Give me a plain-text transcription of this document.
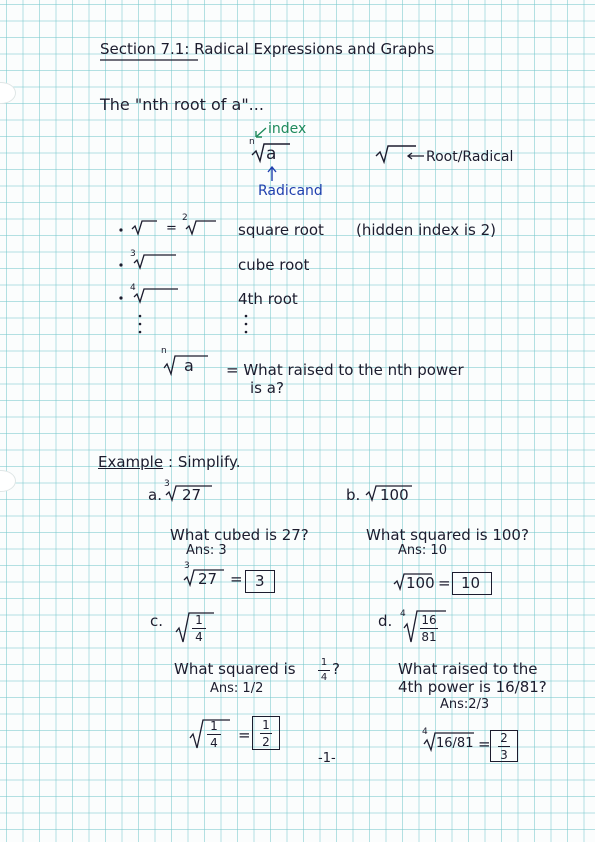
Section 7.1: Radical Expressions and Graphs
The "nth root of a"...
index
n
a
Radicand
Root/Radical
=
2
square root (hidden index is 2)
3
cube root
4
4th root
n
a = What raised to the nth power
is a?
Example : Simplify.
a.
3
27
What cubed is 27?
Ans: 3
3
27 = 3
b. 100
What squared is 100?
Ans: 10
100 = 10
c.	1
4
What squared is	1
4 ?
Ans: 1/2
1
4 =
1
2
d. 4 16
81
What raised to the
4th power is 16/81?
Ans:2/3
4
16/81 = 2
3
-1-
